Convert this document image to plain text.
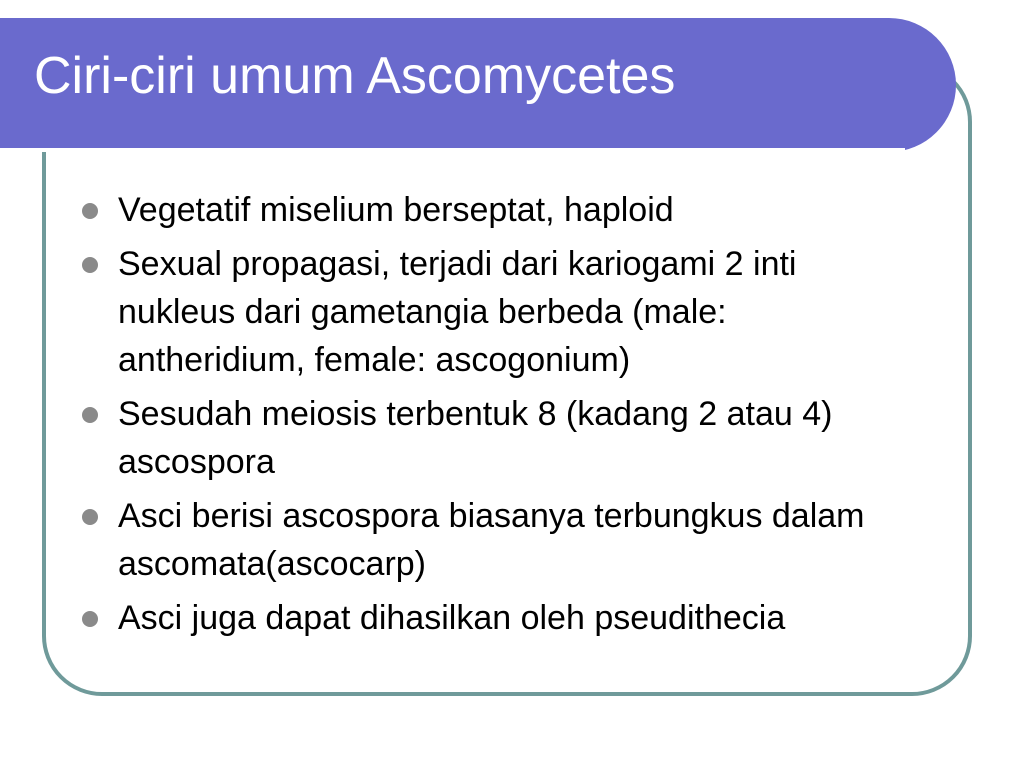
Ciri-ciri umum Ascomycetes
Vegetatif miselium berseptat, haploid
Sexual propagasi, terjadi dari kariogami 2 inti nukleus dari gametangia berbeda (male: antheridium, female: ascogonium)
Sesudah meiosis terbentuk 8 (kadang 2 atau 4) ascospora
Asci berisi ascospora biasanya terbungkus dalam ascomata(ascocarp)
Asci juga dapat dihasilkan oleh pseudithecia
